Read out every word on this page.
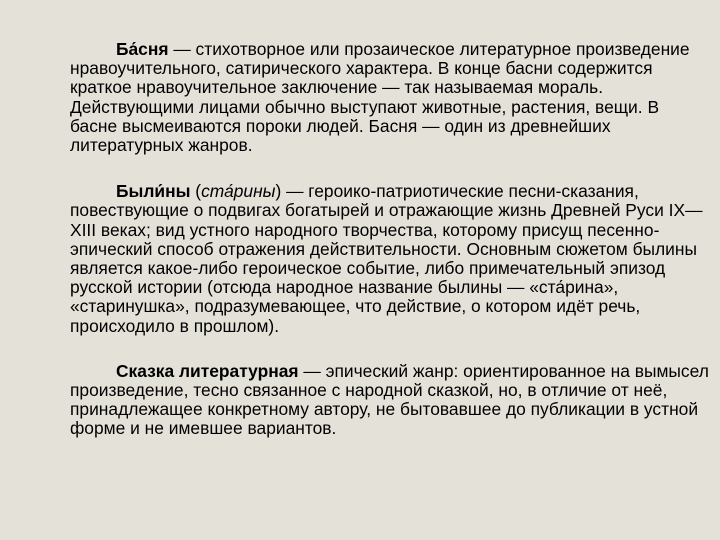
Ба́сня — стихотворное или прозаическое литературное произведение нравоучительного, сатирического характера. В конце басни содержится краткое нравоучительное заключение — так называемая мораль. Действующими лицами обычно выступают животные, растения, вещи. В басне высмеиваются пороки людей. Басня — один из древнейших литературных жанров.

Были́ны (ста́рины) — героико-патриотические песни-сказания, повествующие о подвигах богатырей и отражающие жизнь Древней Руси IX—XIII веках; вид устного народного творчества, которому присущ песенно-эпический способ отражения действительности. Основным сюжетом былины является какое-либо героическое событие, либо примечательный эпизод русской истории (отсюда народное название былины — «ста́рина», «старинушка», подразумевающее, что действие, о котором идёт речь, происходило в прошлом).

Сказка литературная — эпический жанр: ориентированное на вымысел произведение, тесно связанное с народной сказкой, но, в отличие от неё, принадлежащее конкретному автору, не бытовавшее до публикации в устной форме и не имевшее вариантов.
